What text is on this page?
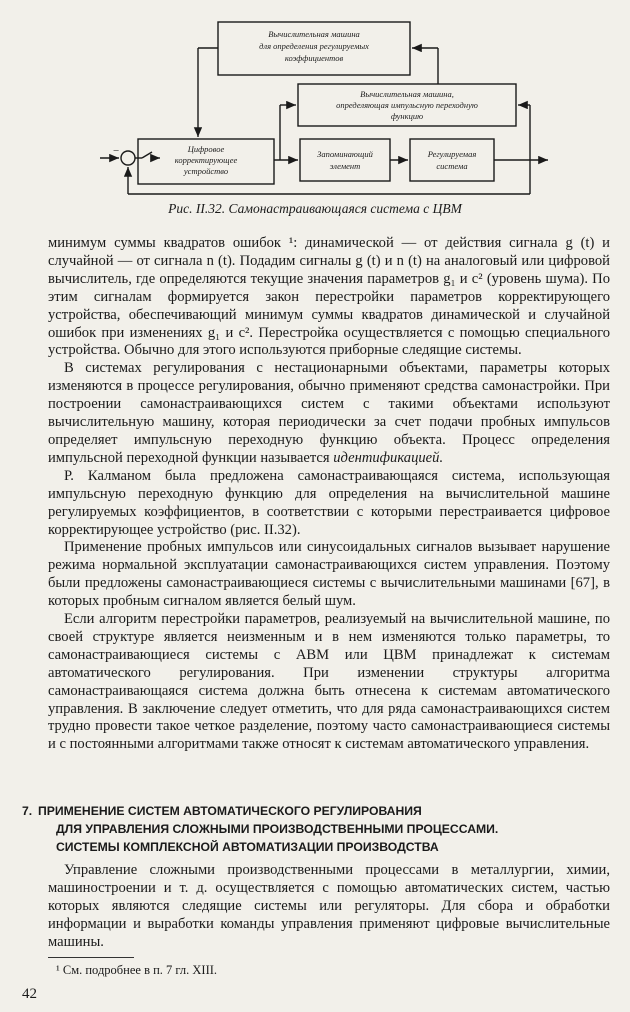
Вычислительная машина
для определения регулируемых
коэффициентов
Вычислительная машина,
определяющая импульсную переходную
функцию
Цифровое
корректирующее
устройство
Запоминающий
элемент
Регулируемая
система
−
Рис. II.32. Самонастраивающаяся система с ЦВМ

минимум суммы квадратов ошибок ¹: динамической — от действия сигнала g (t) и случайной — от сигнала n (t). Подадим сигналы g (t) и n (t) на аналоговый или цифровой вычислитель, где определяются текущие значения параметров g₁ и c² (уровень шума). По этим сигналам формируется закон перестройки параметров корректирующего устройства, обеспечивающий минимум суммы квадратов динамической и случайной ошибок при изменениях g₁ и c². Перестройка осуществляется с помощью специального устройства. Обычно для этого используются приборные следящие системы.

В системах регулирования с нестационарными объектами, параметры которых изменяются в процессе регулирования, обычно применяют средства самонастройки. При построении самонастраивающихся систем с такими объектами используют вычислительную машину, которая периодически за счет подачи пробных импульсов определяет импульсную переходную функцию объекта. Процесс определения импульсной переходной функции называется идентификацией.

Р. Калманом была предложена самонастраивающаяся система, использующая импульсную переходную функцию для определения на вычислительной машине регулируемых коэффициентов, в соответствии с которыми перестраивается цифровое корректирующее устройство (рис. II.32).

Применение пробных импульсов или синусоидальных сигналов вызывает нарушение режима нормальной эксплуатации самонастраивающихся систем управления. Поэтому были предложены самонастраивающиеся системы с вычислительными машинами [67], в которых пробным сигналом является белый шум.

Если алгоритм перестройки параметров, реализуемый на вычислительной машине, по своей структуре является неизменным и в нем изменяются только параметры, то самонастраивающиеся системы с АВМ или ЦВМ принадлежат к системам автоматического регулирования. При изменении структуры алгоритма самонастраивающаяся система должна быть отнесена к системам автоматического управления. В заключение следует отметить, что для ряда самонастраивающихся систем трудно провести такое четкое разделение, поэтому часто самонастраивающиеся системы и с постоянными алгоритмами также относят к системам автоматического управления.

7. ПРИМЕНЕНИЕ СИСТЕМ АВТОМАТИЧЕСКОГО РЕГУЛИРОВАНИЯ
ДЛЯ УПРАВЛЕНИЯ СЛОЖНЫМИ ПРОИЗВОДСТВЕННЫМИ ПРОЦЕССАМИ.
СИСТЕМЫ КОМПЛЕКСНОЙ АВТОМАТИЗАЦИИ ПРОИЗВОДСТВА

Управление сложными производственными процессами в металлургии, химии, машиностроении и т. д. осуществляется с помощью автоматических систем, частью которых являются следящие системы или регуляторы. Для сбора и обработки информации и выработки команды управления применяют цифровые вычислительные машины.

¹ См. подробнее в п. 7 гл. XIII.
42
